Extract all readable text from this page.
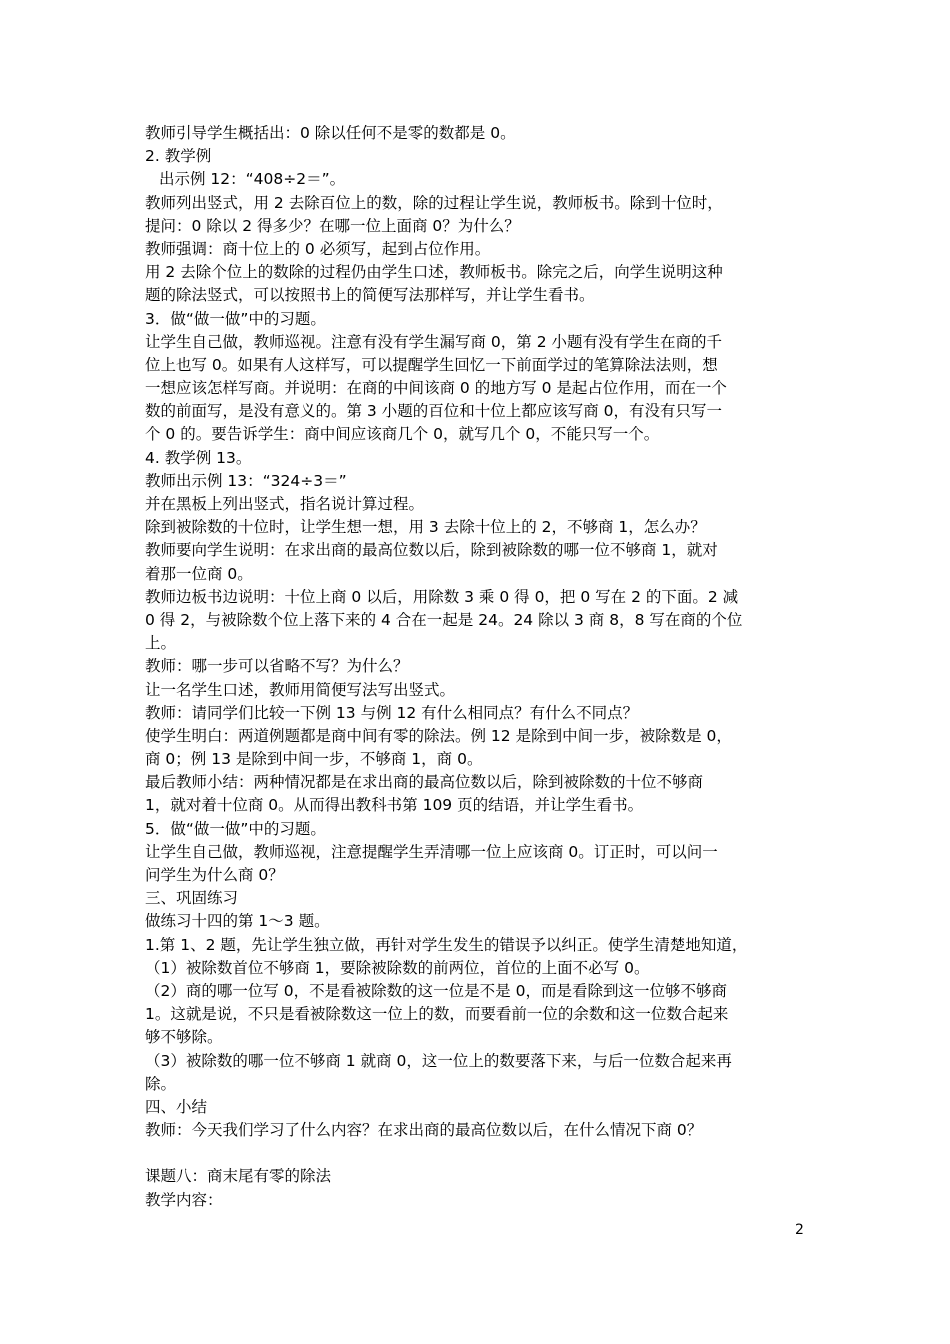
教师引导学生概括出：0 除以任何不是零的数都是 0。
2. 教学例
出示例 12：“408÷2＝”。
教师列出竖式，用 2 去除百位上的数，除的过程让学生说，教师板书。除到十位时，
提问：0 除以 2 得多少？在哪一位上面商 0？为什么？
教师强调：商十位上的 0 必须写，起到占位作用。
用 2 去除个位上的数除的过程仍由学生口述，教师板书。除完之后，向学生说明这种
题的除法竖式，可以按照书上的简便写法那样写，并让学生看书。
3．做“做一做”中的习题。
让学生自己做，教师巡视。注意有没有学生漏写商 0，第 2 小题有没有学生在商的千
位上也写 0。如果有人这样写，可以提醒学生回忆一下前面学过的笔算除法法则，想
一想应该怎样写商。并说明：在商的中间该商 0 的地方写 0 是起占位作用，而在一个
数的前面写，是没有意义的。第 3 小题的百位和十位上都应该写商 0，有没有只写一
个 0 的。要告诉学生：商中间应该商几个 0，就写几个 0，不能只写一个。
4. 教学例 13。
教师出示例 13：“324÷3＝”
并在黑板上列出竖式，指名说计算过程。
除到被除数的十位时，让学生想一想，用 3 去除十位上的 2，不够商 1，怎么办？
教师要向学生说明：在求出商的最高位数以后，除到被除数的哪一位不够商 1，就对
着那一位商 0。
教师边板书边说明：十位上商 0 以后，用除数 3 乘 0 得 0，把 0 写在 2 的下面。2 减
0 得 2，与被除数个位上落下来的 4 合在一起是 24。24 除以 3 商 8，8 写在商的个位
上。
教师：哪一步可以省略不写？为什么？
让一名学生口述，教师用简便写法写出竖式。
教师：请同学们比较一下例 13 与例 12 有什么相同点？有什么不同点？
使学生明白：两道例题都是商中间有零的除法。例 12 是除到中间一步，被除数是 0，
商 0；例 13 是除到中间一步，不够商 1，商 0。
最后教师小结：两种情况都是在求出商的最高位数以后，除到被除数的十位不够商
1，就对着十位商 0。从而得出教科书第 109 页的结语，并让学生看书。
5．做“做一做”中的习题。
让学生自己做，教师巡视，注意提醒学生弄清哪一位上应该商 0。订正时，可以问一
问学生为什么商 0？
三、巩固练习
做练习十四的第 1～3 题。
1.第 1、2 题，先让学生独立做，再针对学生发生的错误予以纠正。使学生清楚地知道，
（1）被除数首位不够商 1，要除被除数的前两位，首位的上面不必写 0。
（2）商的哪一位写 0，不是看被除数的这一位是不是 0，而是看除到这一位够不够商
1。这就是说，不只是看被除数这一位上的数，而要看前一位的余数和这一位数合起来
够不够除。
（3）被除数的哪一位不够商 1 就商 0，这一位上的数要落下来，与后一位数合起来再
除。
四、小结
教师：今天我们学习了什么内容？在求出商的最高位数以后，在什么情况下商 0？
课题八：商末尾有零的除法
教学内容：
2
